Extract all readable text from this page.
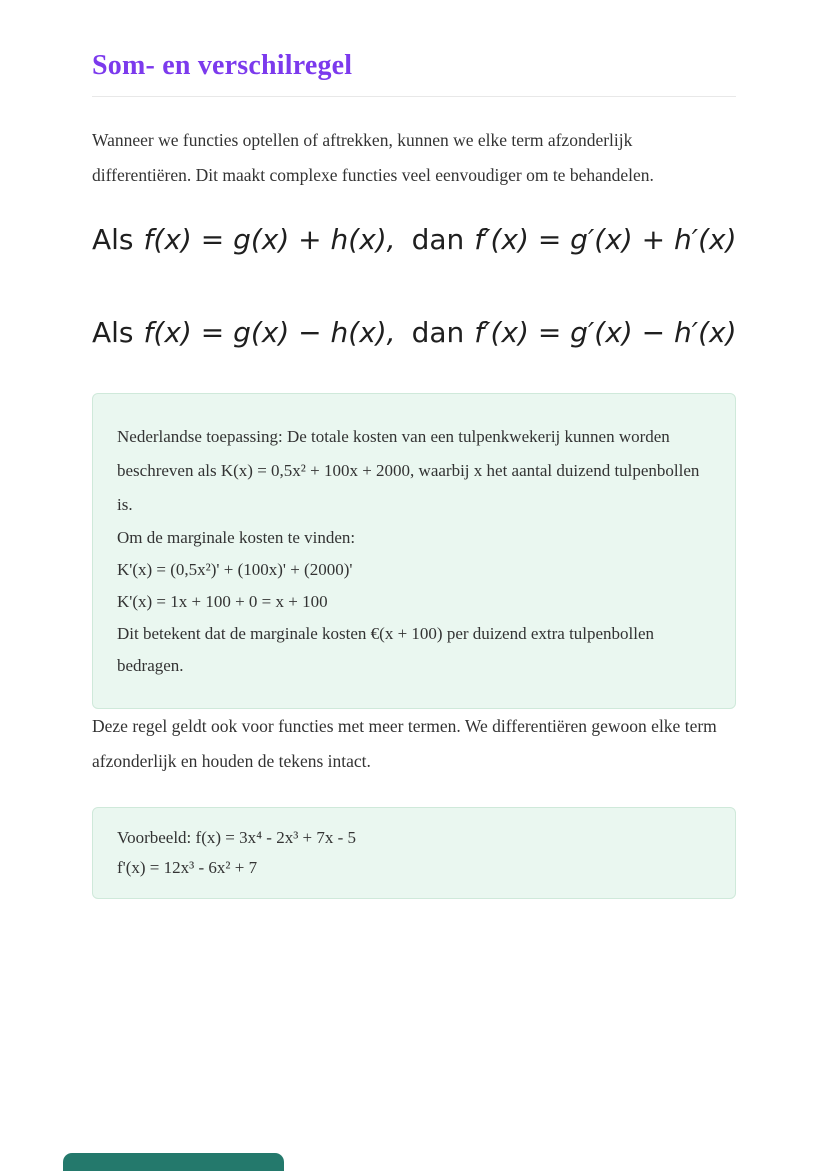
Som- en verschilregel

Wanneer we functies optellen of aftrekken, kunnen we elke term afzonderlijk differentiëren. Dit maakt complexe functies veel eenvoudiger om te behandelen.

Als f(x) = g(x) + h(x), dan f′(x) = g′(x) + h′(x)
Als f(x) = g(x) − h(x), dan f′(x) = g′(x) − h′(x)

Nederlandse toepassing: De totale kosten van een tulpenkwekerij kunnen worden beschreven als K(x) = 0,5x² + 100x + 2000, waarbij x het aantal duizend tulpenbollen is.

Om de marginale kosten te vinden:

K'(x) = (0,5x²)' + (100x)' + (2000)'

K'(x) = 1x + 100 + 0 = x + 100

Dit betekent dat de marginale kosten €(x + 100) per duizend extra tulpenbollen bedragen.

Deze regel geldt ook voor functies met meer termen. We differentiëren gewoon elke term afzonderlijk en houden de tekens intact.

Voorbeeld: f(x) = 3x⁴ - 2x³ + 7x - 5

f'(x) = 12x³ - 6x² + 7
